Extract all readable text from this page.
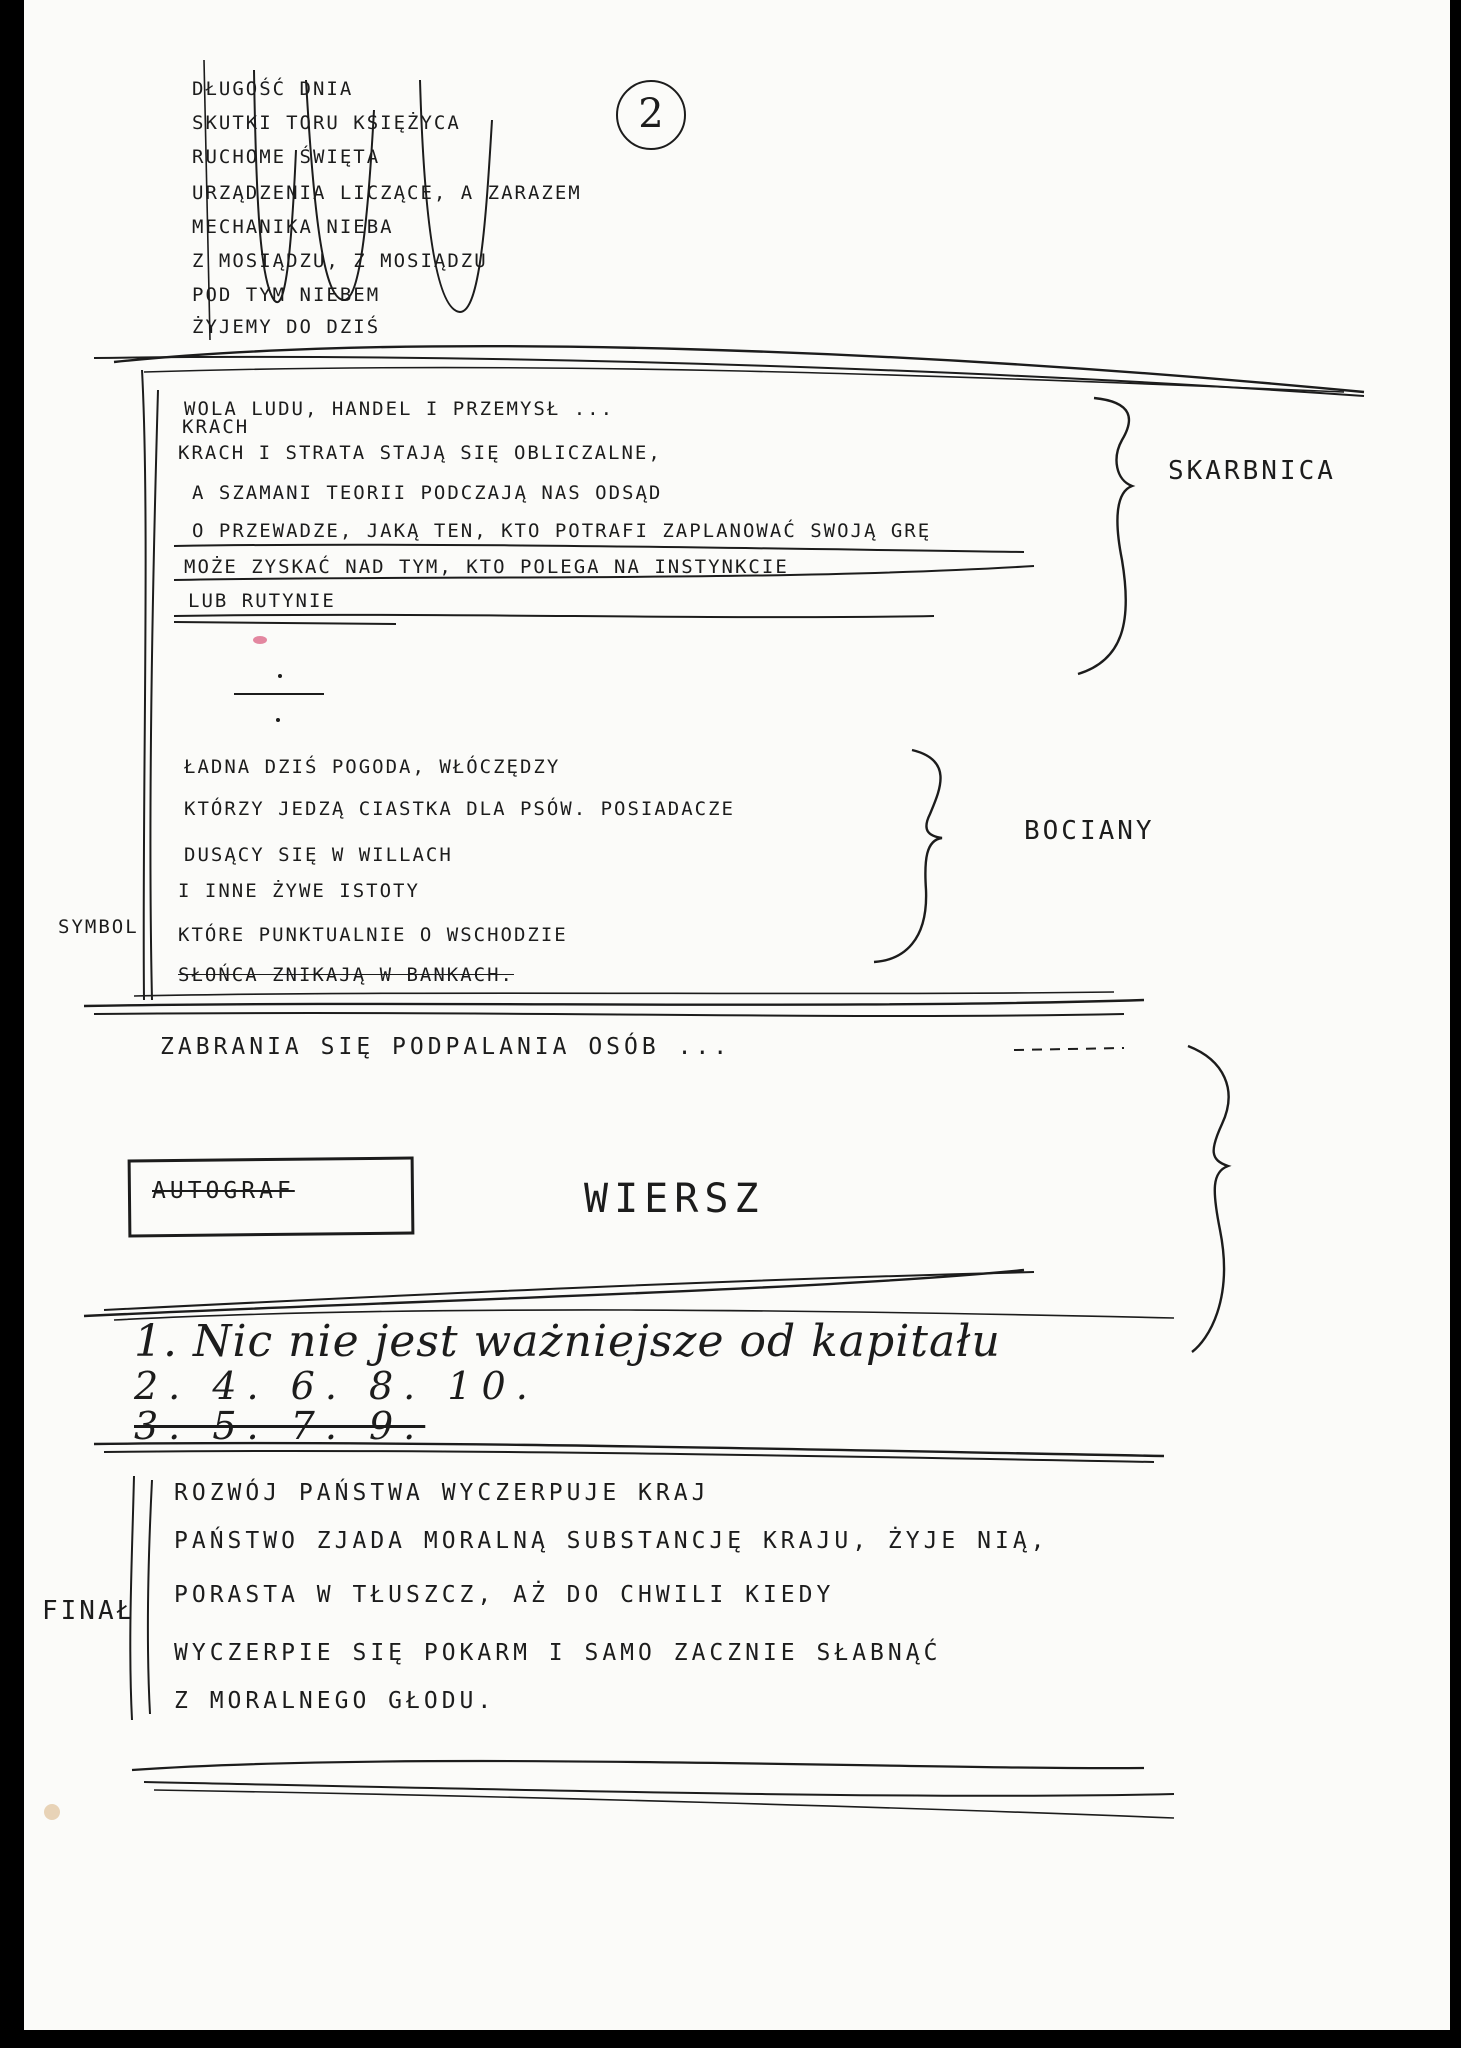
2
DŁUGOŚĆ DNIA
SKUTKI TORU KSIĘŻYCA
RUCHOME ŚWIĘTA
URZĄDZENIA LICZĄCE, A ZARAZEM
MECHANIKA NIEBA
Z MOSIĄDZU, Z MOSIĄDZU
POD TYM NIEBEM
ŻYJEMY DO DZIŚ
KRACH
WOLA LUDU, HANDEL I PRZEMYSŁ ...
KRACH I STRATA STAJĄ SIĘ OBLICZALNE,
A SZAMANI TEORII PODCZAJĄ NAS ODSĄD
O PRZEWADZE, JAKĄ TEN, KTO POTRAFI ZAPLANOWAĆ SWOJĄ GRĘ
MOŻE ZYSKAĆ NAD TYM, KTO POLEGA NA INSTYNKCIE
LUB RUTYNIE
SKARBNICA
ŁADNA DZIŚ POGODA, WŁÓCZĘDZY
KTÓRZY JEDZĄ CIASTKA DLA PSÓW. POSIADACZE
DUSĄCY SIĘ W WILLACH
I INNE ŻYWE ISTOTY
KTÓRE PUNKTUALNIE O WSCHODZIE
SŁOŃCA ZNIKAJĄ W BANKACH.
SYMBOL
BOCIANY
ZABRANIA SIĘ PODPALANIA OSÓB ...
AUTOGRAF	WIERSZ
1. Nic nie jest ważniejsze od kapitału
2. 4. 6. 8. 10.
3. 5. 7. 9.
FINAŁ
ROZWÓJ PAŃSTWA WYCZERPUJE KRAJ
PAŃSTWO ZJADA MORALNĄ SUBSTANCJĘ KRAJU, ŻYJE NIĄ,
PORASTA W TŁUSZCZ, AŻ DO CHWILI KIEDY
WYCZERPIE SIĘ POKARM I SAMO ZACZNIE SŁABNĄĆ
Z MORALNEGO GŁODU.
